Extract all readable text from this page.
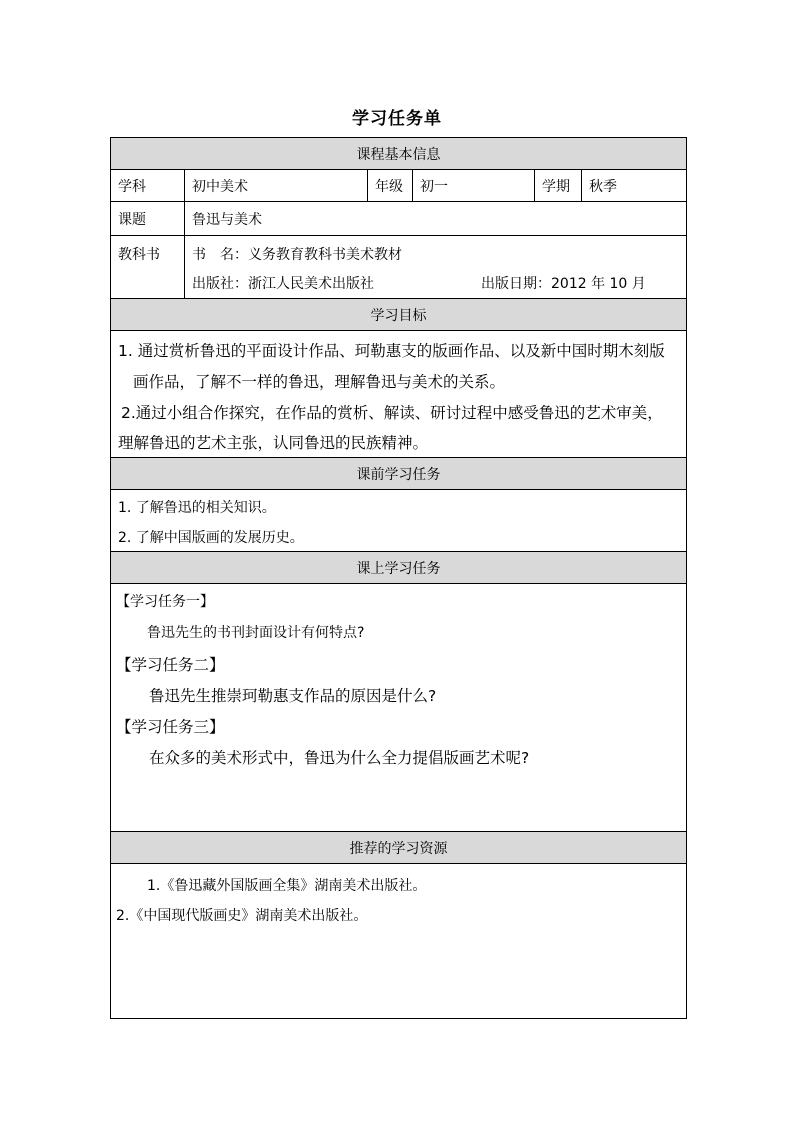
学习任务单
课程基本信息
学科	初中美术	年级	初一	学期	秋季
课题	鲁迅与美术
教科书	书　名：义务教育教科书美术教材
出版社：浙江人民美术出版社	出版日期：2012 年 10 月
学习目标
1. 通过赏析鲁迅的平面设计作品、珂勒惠支的版画作品、以及新中国时期木刻版
画作品，了解不一样的鲁迅，理解鲁迅与美术的关系。
2.通过小组合作探究，在作品的赏析、解读、研讨过程中感受鲁迅的艺术审美，
理解鲁迅的艺术主张，认同鲁迅的民族精神。
课前学习任务
1. 了解鲁迅的相关知识。
2. 了解中国版画的发展历史。
课上学习任务
【学习任务一】
鲁迅先生的书刊封面设计有何特点?
【学习任务二】
鲁迅先生推崇珂勒惠支作品的原因是什么?
【学习任务三】
在众多的美术形式中，鲁迅为什么全力提倡版画艺术呢?
推荐的学习资源
1.《鲁迅藏外国版画全集》湖南美术出版社。
2.《中国现代版画史》湖南美术出版社。
